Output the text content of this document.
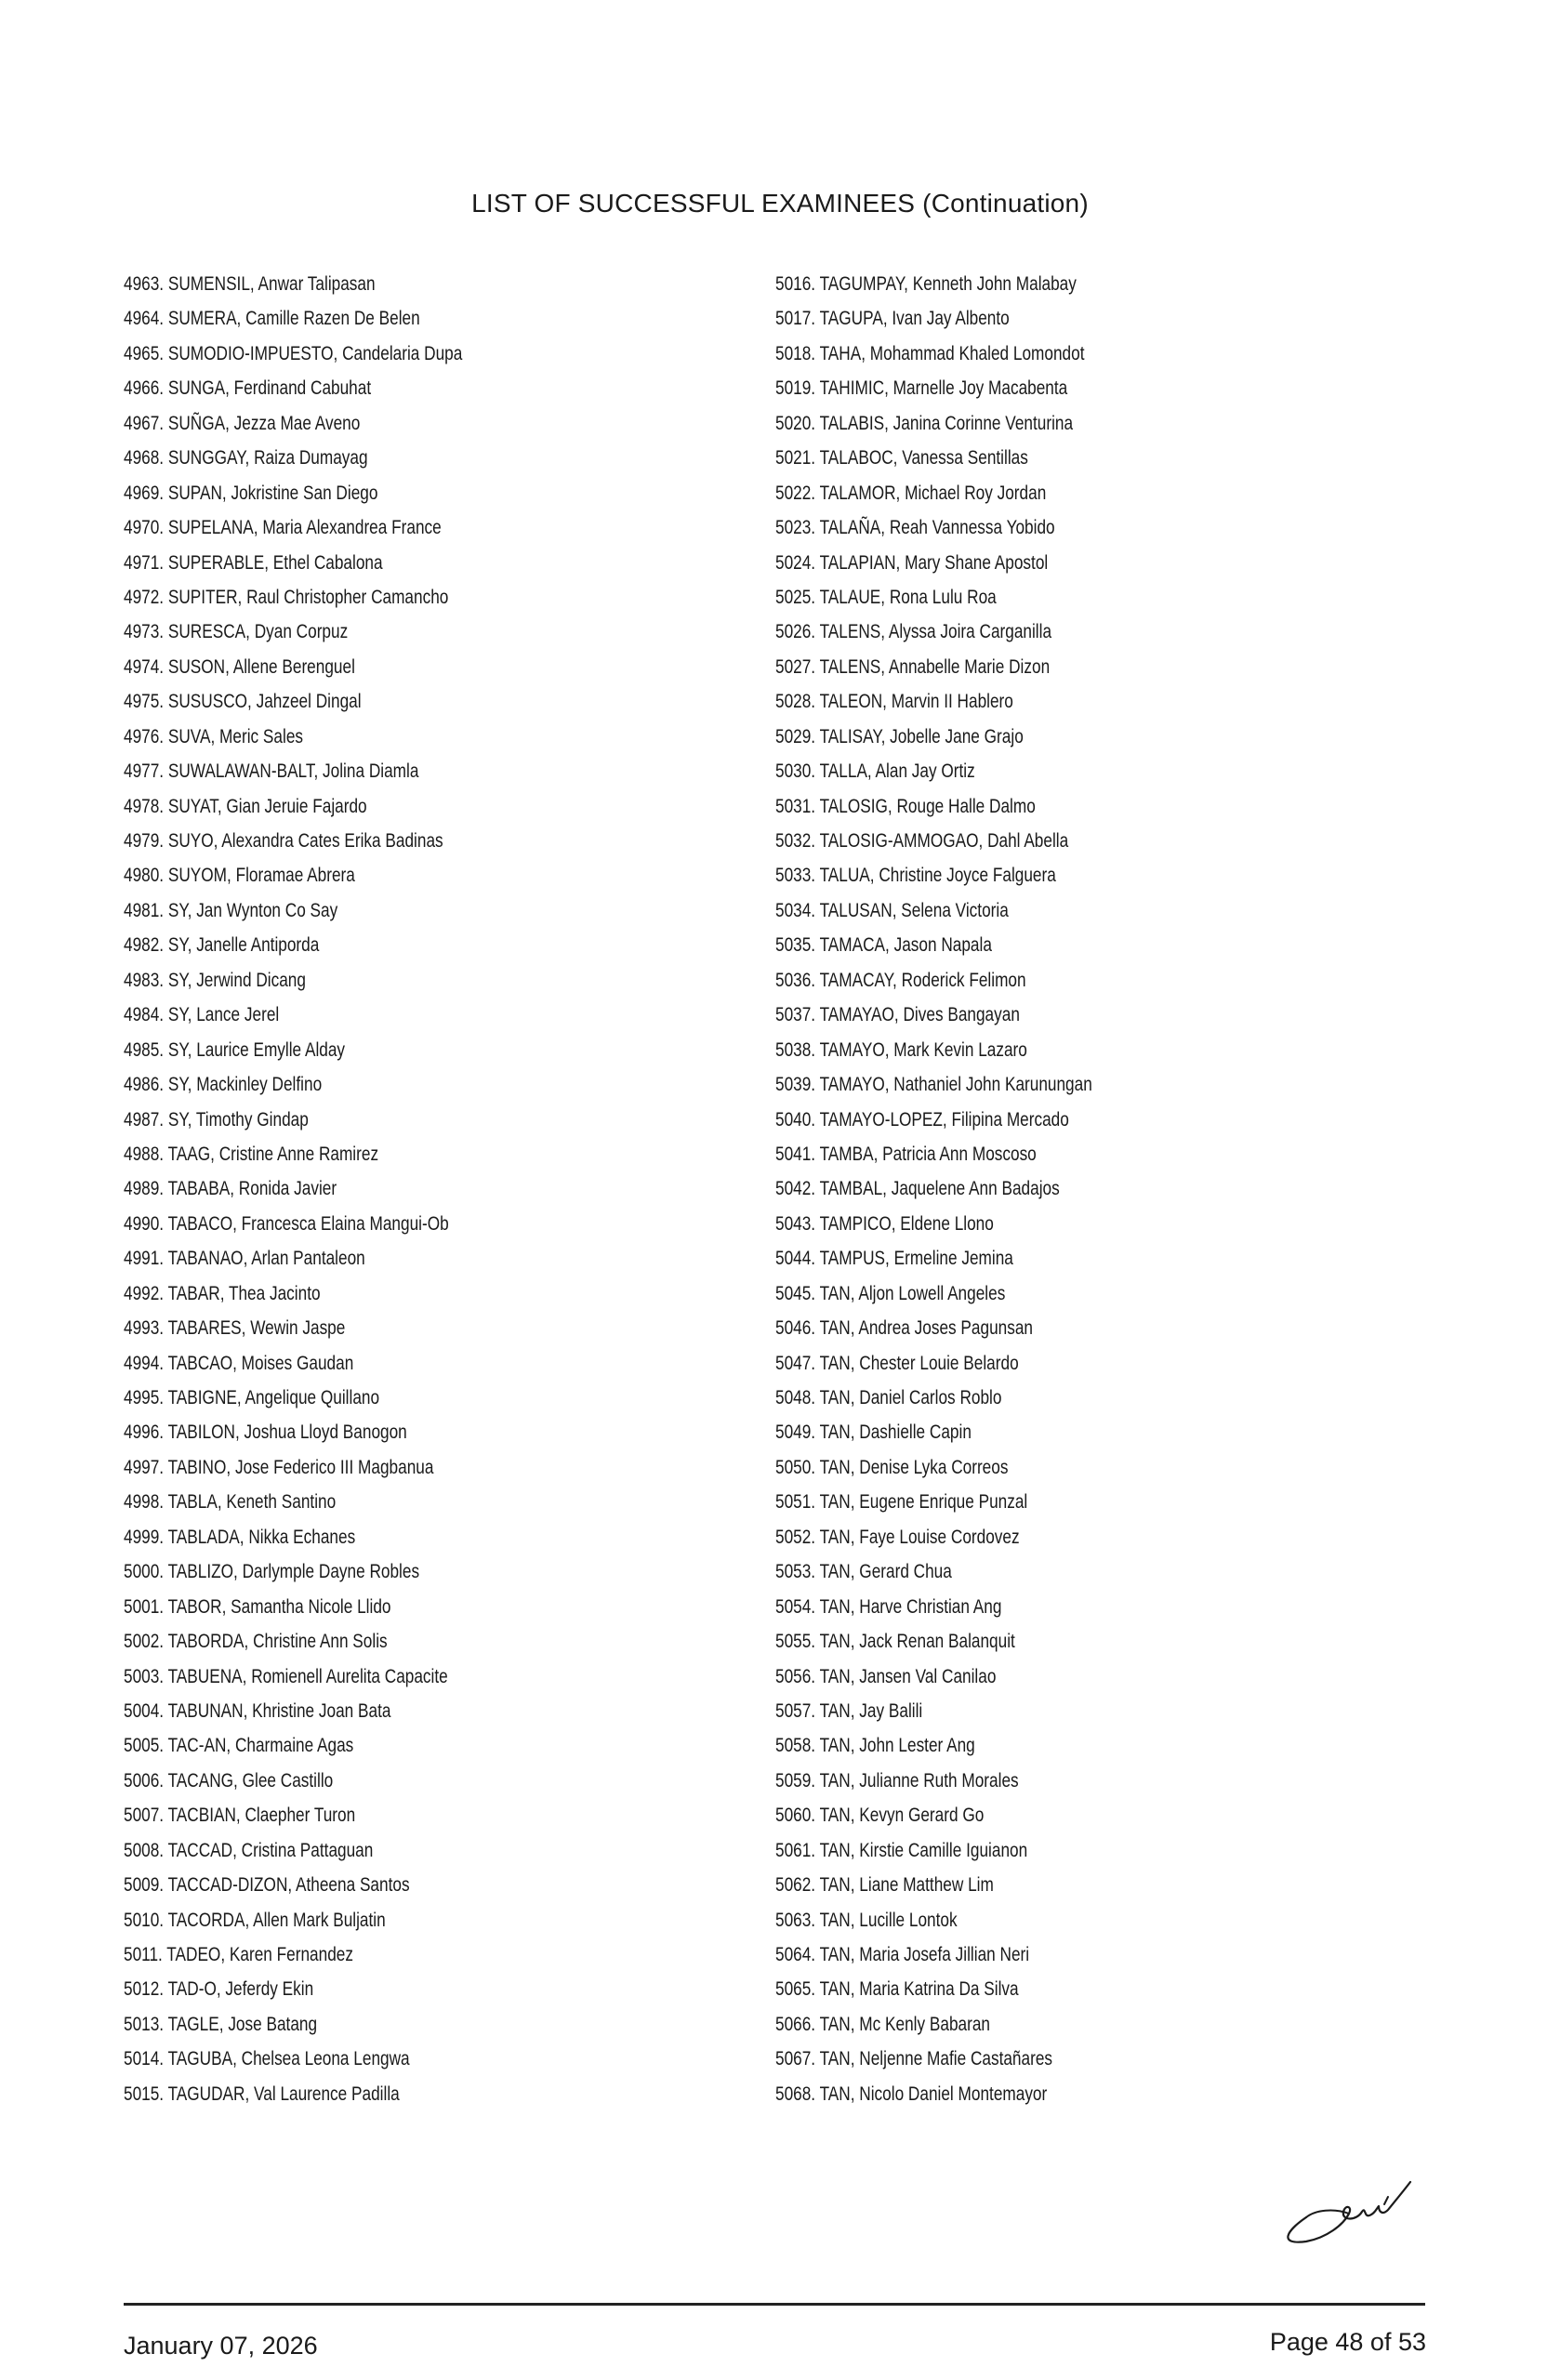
LIST OF SUCCESSFUL EXAMINEES (Continuation)
4963. SUMENSIL, Anwar Talipasan
4964. SUMERA, Camille Razen De Belen
4965. SUMODIO-IMPUESTO, Candelaria Dupa
4966. SUNGA, Ferdinand Cabuhat
4967. SUÑGA, Jezza Mae Aveno
4968. SUNGGAY, Raiza Dumayag
4969. SUPAN, Jokristine San Diego
4970. SUPELANA, Maria Alexandrea France
4971. SUPERABLE, Ethel Cabalona
4972. SUPITER, Raul Christopher Camancho
4973. SURESCA, Dyan Corpuz
4974. SUSON, Allene Berenguel
4975. SUSUSCO, Jahzeel Dingal
4976. SUVA, Meric Sales
4977. SUWALAWAN-BALT, Jolina Diamla
4978. SUYAT, Gian Jeruie Fajardo
4979. SUYO, Alexandra Cates Erika Badinas
4980. SUYOM, Floramae Abrera
4981. SY, Jan Wynton Co Say
4982. SY, Janelle Antiporda
4983. SY, Jerwind Dicang
4984. SY, Lance Jerel
4985. SY, Laurice Emylle Alday
4986. SY, Mackinley Delfino
4987. SY, Timothy Gindap
4988. TAAG, Cristine Anne Ramirez
4989. TABABA, Ronida Javier
4990. TABACO, Francesca Elaina Mangui-Ob
4991. TABANAO, Arlan Pantaleon
4992. TABAR, Thea Jacinto
4993. TABARES, Wewin Jaspe
4994. TABCAO, Moises Gaudan
4995. TABIGNE, Angelique Quillano
4996. TABILON, Joshua Lloyd Banogon
4997. TABINO, Jose Federico III Magbanua
4998. TABLA, Keneth Santino
4999. TABLADA, Nikka Echanes
5000. TABLIZO, Darlymple Dayne Robles
5001. TABOR, Samantha Nicole Llido
5002. TABORDA, Christine Ann Solis
5003. TABUENA, Romienell Aurelita Capacite
5004. TABUNAN, Khristine Joan Bata
5005. TAC-AN, Charmaine Agas
5006. TACANG, Glee Castillo
5007. TACBIAN, Claepher Turon
5008. TACCAD, Cristina Pattaguan
5009. TACCAD-DIZON, Atheena Santos
5010. TACORDA, Allen Mark Buljatin
5011. TADEO, Karen Fernandez
5012. TAD-O, Jeferdy Ekin
5013. TAGLE, Jose Batang
5014. TAGUBA, Chelsea Leona Lengwa
5015. TAGUDAR, Val Laurence Padilla
5016. TAGUMPAY, Kenneth John Malabay
5017. TAGUPA, Ivan Jay Albento
5018. TAHA, Mohammad Khaled Lomondot
5019. TAHIMIC, Marnelle Joy Macabenta
5020. TALABIS, Janina Corinne Venturina
5021. TALABOC, Vanessa Sentillas
5022. TALAMOR, Michael Roy Jordan
5023. TALAÑA, Reah Vannessa Yobido
5024. TALAPIAN, Mary Shane Apostol
5025. TALAUE, Rona Lulu Roa
5026. TALENS, Alyssa Joira Carganilla
5027. TALENS, Annabelle Marie Dizon
5028. TALEON, Marvin II Hablero
5029. TALISAY, Jobelle Jane Grajo
5030. TALLA, Alan Jay Ortiz
5031. TALOSIG, Rouge Halle Dalmo
5032. TALOSIG-AMMOGAO, Dahl Abella
5033. TALUA, Christine Joyce Falguera
5034. TALUSAN, Selena Victoria
5035. TAMACA, Jason Napala
5036. TAMACAY, Roderick Felimon
5037. TAMAYAO, Dives Bangayan
5038. TAMAYO, Mark Kevin Lazaro
5039. TAMAYO, Nathaniel John Karunungan
5040. TAMAYO-LOPEZ, Filipina Mercado
5041. TAMBA, Patricia Ann Moscoso
5042. TAMBAL, Jaquelene Ann Badajos
5043. TAMPICO, Eldene Llono
5044. TAMPUS, Ermeline Jemina
5045. TAN, Aljon Lowell Angeles
5046. TAN, Andrea Joses Pagunsan
5047. TAN, Chester Louie Belardo
5048. TAN, Daniel Carlos Roblo
5049. TAN, Dashielle Capin
5050. TAN, Denise Lyka Correos
5051. TAN, Eugene Enrique Punzal
5052. TAN, Faye Louise Cordovez
5053. TAN, Gerard Chua
5054. TAN, Harve Christian Ang
5055. TAN, Jack Renan Balanquit
5056. TAN, Jansen Val Canilao
5057. TAN, Jay Balili
5058. TAN, John Lester Ang
5059. TAN, Julianne Ruth Morales
5060. TAN, Kevyn Gerard Go
5061. TAN, Kirstie Camille Iguianon
5062. TAN, Liane Matthew Lim
5063. TAN, Lucille Lontok
5064. TAN, Maria Josefa Jillian Neri
5065. TAN, Maria Katrina Da Silva
5066. TAN, Mc Kenly Babaran
5067. TAN, Neljenne Mafie Castañares
5068. TAN, Nicolo Daniel Montemayor
January 07, 2026	Page 48 of 53
